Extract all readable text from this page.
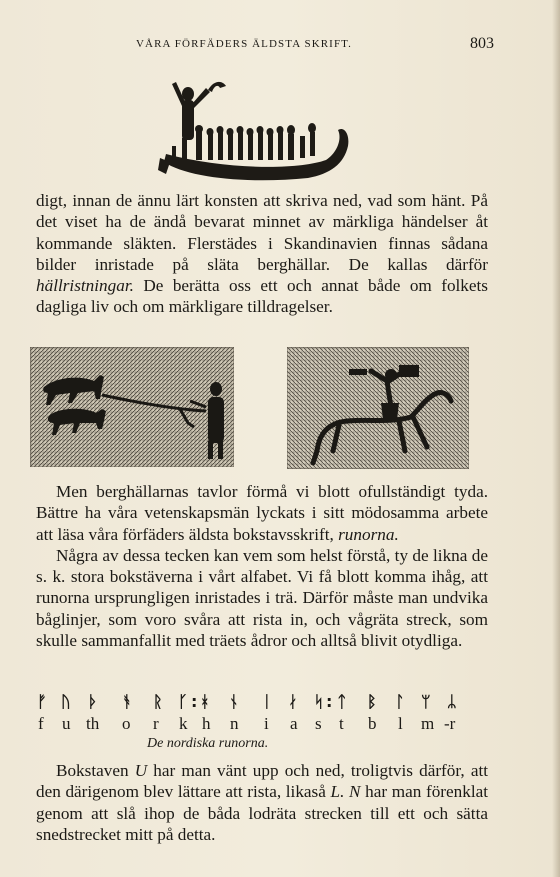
VÅRA FÖRFÄDERS ÄLDSTA SKRIFT.	803

digt, innan de ännu lärt konsten att skriva ned, vad som hänt. På det viset ha de ändå bevarat minnet av märkliga händelser åt kommande släkten. Flerstädes i Skandinavien finnas sådana bilder inristade på släta berghällar. De kallas därför hällristningar. De berätta oss ett och annat både om folkets dagliga liv och om märkligare tilldragelser.

Men berghällarnas tavlor förmå vi blott ofullständigt tyda. Bättre ha våra vetenskapsmän lyckats i sitt mödosamma arbete att läsa våra förfäders äldsta bokstavsskrift, runorna.

Några av dessa tecken kan vem som helst förstå, ty de likna de s. k. stora bokstäverna i vårt alfabet. Vi få blott komma ihåg, att runorna ursprungligen inristades i trä. Därför måste man undvika båglinjer, som voro svåra att rista in, och vågräta streck, som skulle sammanfallit med träets ådror och alltså blivit otydliga.

ᚠ ᚢ ᚦ ᚬ ᚱ ᚴ : ᚼ ᚾ ᛁ ᛅ ᛋ : ᛏ ᛒ ᛚ ᛘ ᛦ
f u th o r k h n i a s t b l m -r
De nordiska runorna.

Bokstaven U har man vänt upp och ned, troligtvis därför, att den därigenom blev lättare att rista, likaså L. N har man förenklat genom att slå ihop de båda lodräta strecken till ett och sätta snedstrecket mitt på detta.
